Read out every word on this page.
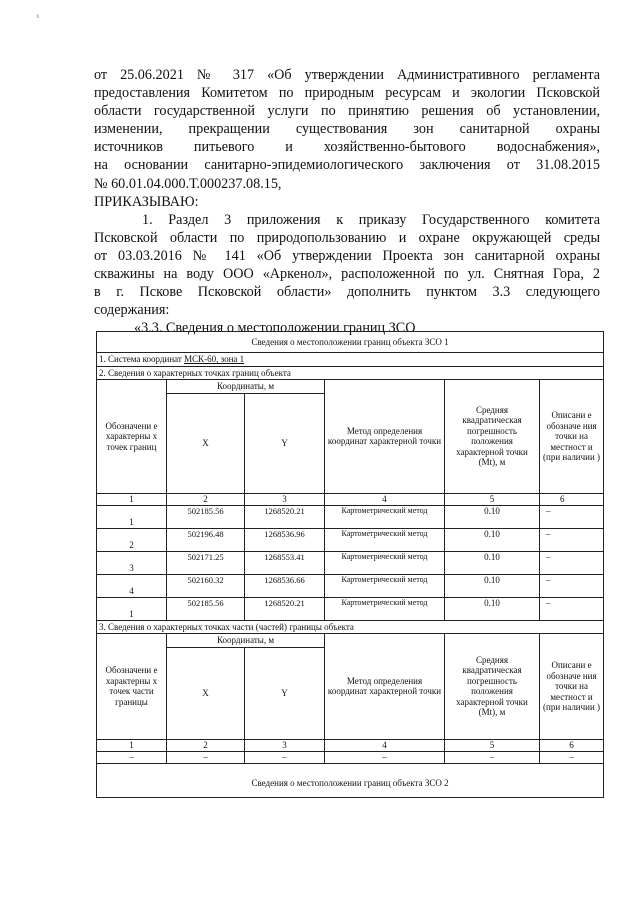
x

от 25.06.2021 № 317 «Об утверждении Административного регламента

предоставления Комитетом по природным ресурсам и экологии Псковской

области государственной услуги по принятию решения об установлении,

изменении, прекращении существования зон санитарной охраны

источников питьевого и хозяйственно-бытового водоснабжения»,

на основании санитарно-эпидемиологического заключения от 31.08.2015

№ 60.01.04.000.Т.000237.08.15,

ПРИКАЗЫВАЮ:

1. Раздел 3 приложения к приказу Государственного комитета

Псковской области по природопользованию и охране окружающей среды

от 03.03.2016 № 141 «Об утверждении Проекта зон санитарной охраны

скважины на воду ООО «Аркенол», расположенной по ул. Снятная Гора, 2

в г. Пскове Псковской области» дополнить пунктом 3.3 следующего

содержания:

«3.3. Сведения о местоположении границ ЗСО

Сведения о местоположении границ объекта ЗСО 1					
1. Система координат МСК-60, зона 1					
2. Сведения о характерных точках границ объекта					
Обозначени е характерны х точек границ	Координаты, м		Метод определения координат характерной точки	Средняя квадратическая погрешность положения характерной точки (Mt), м	Описани е обозначе ния точки на местност и (при наличии )
	X	Y			
1	2	3	4	5	6
1	502185.56	1268520.21	Картометрический метод	0.10	–
2	502196.48	1268536.96	Картометрический метод	0.10	–
3	502171.25	1268553.41	Картометрический метод	0.10	–
4	502160.32	1268536.66	Картометрический метод	0.10	–
1	502185.56	1268520.21	Картометрический метод	0.10	–
3. Сведения о характерных точках части (частей) границы объекта					
Обозначени е характерны х точек части границы	Координаты, м		Метод определения координат характерной точки	Средняя квадратическая погрешность положения характерной точки (Mt), м	Описани е обозначе ния точки на местност и (при наличии )
	X	Y			
1	2	3	4	5	6
–	–	–	–	–	–
Сведения о местоположении границ объекта ЗСО 2					
